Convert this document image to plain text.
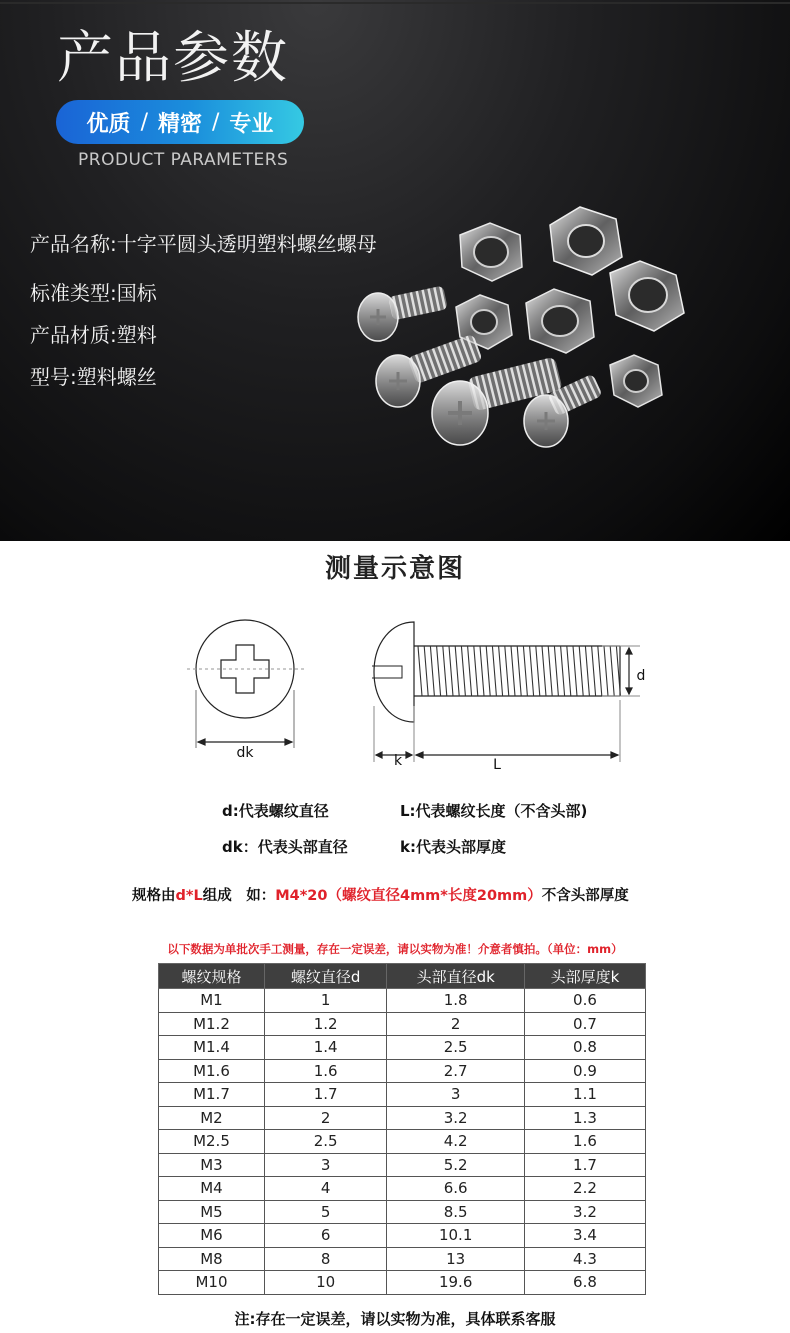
产品参数
优质 / 精密 / 专业
PRODUCT PARAMETERS
产品名称:十字平圆头透明塑料螺丝螺母
标准类型:国标
产品材质:塑料
型号:塑料螺丝
测量示意图
dk	k	L
d
d:代表螺纹直径	L:代表螺纹长度（不含头部)
dk：代表头部直径	k:代表头部厚度
规格由d*L组成　如：M4*20（螺纹直径4mm*长度20mm）不含头部厚度
以下数据为单批次手工测量，存在一定误差，请以实物为准！介意者慎拍。（单位：mm）
螺纹规格	螺纹直径d	头部直径dk	头部厚度k
M1	1	1.8	0.6
M1.2	1.2	2	0.7
M1.4	1.4	2.5	0.8
M1.6	1.6	2.7	0.9
M1.7	1.7	3	1.1
M2	2	3.2	1.3
M2.5	2.5	4.2	1.6
M3	3	5.2	1.7
M4	4	6.6	2.2
M5	5	8.5	3.2
M6	6	10.1	3.4
M8	8	13	4.3
M10	10	19.6	6.8
注:存在一定误差，请以实物为准，具体联系客服
